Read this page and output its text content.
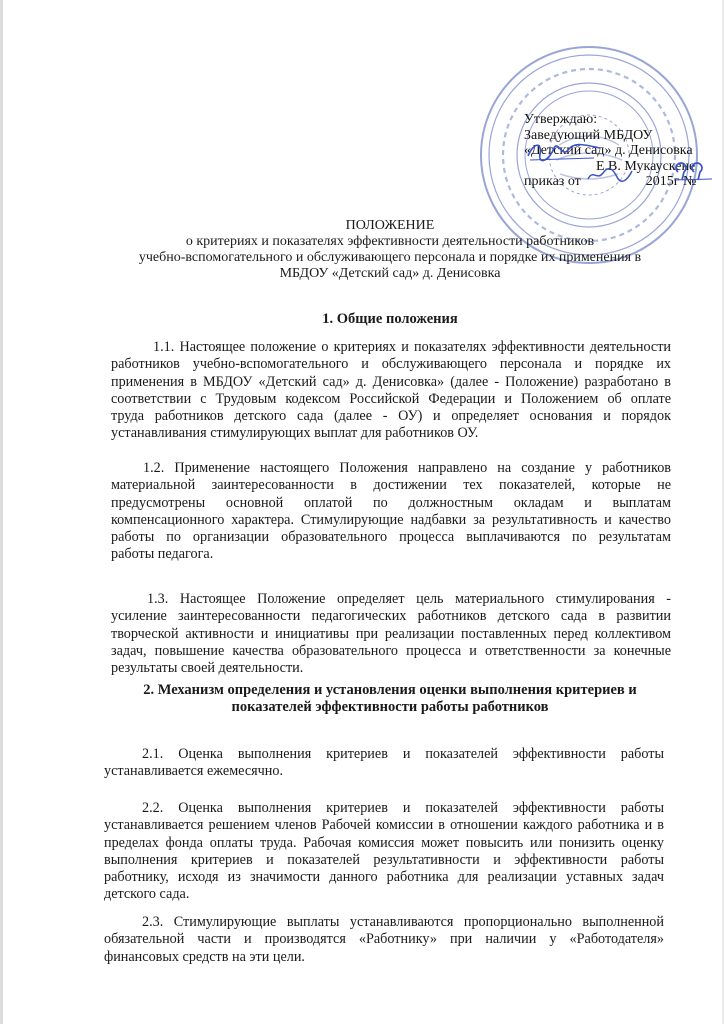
Утверждаю:
Заведующий МБДОУ
«Детский сад» д. Денисовка
Е.В. Мукаускене
приказ от	2015г №
ПОЛОЖЕНИЕ
о критериях и показателях эффективности деятельности работников
учебно-вспомогательного и обслуживающего персонала и порядке их применения в
МБДОУ «Детский сад» д. Денисовка
1. Общие положения
1.1. Настоящее положение о критериях и показателях эффективности деятельности
работников учебно-вспомогательного и обслуживающего персонала и порядке их
применения в МБДОУ «Детский сад» д. Денисовка» (далее - Положение) разработано в
соответствии с Трудовым кодексом Российской Федерации и Положением об оплате
труда работников детского сада (далее - ОУ) и определяет основания и порядок
устанавливания стимулирующих выплат для работников ОУ.
1.2. Применение настоящего Положения направлено на создание у работников
материальной заинтересованности в достижении тех показателей, которые не
предусмотрены основной оплатой по должностным окладам и выплатам
компенсационного характера. Стимулирующие надбавки за результативность и качество
работы по организации образовательного процесса выплачиваются по результатам
работы педагога.
1.3. Настоящее Положение определяет цель материального стимулирования -
усиление заинтересованности педагогических работников детского сада в развитии
творческой активности и инициативы при реализации поставленных перед коллективом
задач, повышение качества образовательного процесса и ответственности за конечные
результаты своей деятельности.
2. Механизм определения и установления оценки выполнения критериев и
показателей эффективности работы работников
2.1. Оценка выполнения критериев и показателей эффективности работы
устанавливается ежемесячно.
2.2. Оценка выполнения критериев и показателей эффективности работы
устанавливается решением членов Рабочей комиссии в отношении каждого работника и в
пределах фонда оплаты труда. Рабочая комиссия может повысить или понизить оценку
выполнения критериев и показателей результативности и эффективности работы
работнику, исходя из значимости данного работника для реализации уставных задач
детского сада.
2.3. Стимулирующие выплаты устанавливаются пропорционально выполненной
обязательной части и производятся «Работнику» при наличии у «Работодателя»
финансовых средств на эти цели.
